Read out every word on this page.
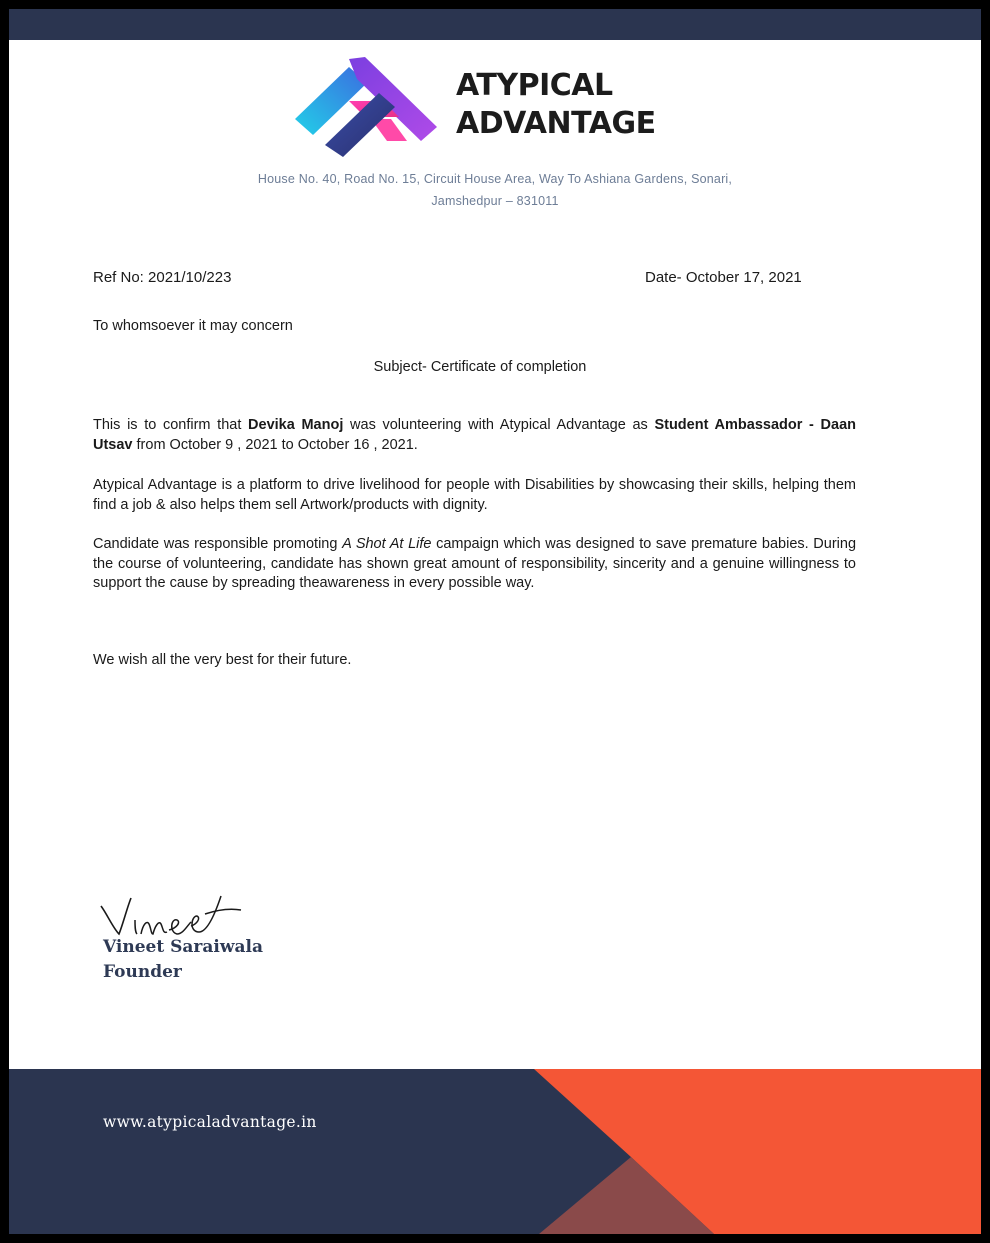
ATYPICAL
ADVANTAGE
House No. 40, Road No. 15, Circuit House Area, Way To Ashiana Gardens, Sonari,
Jamshedpur – 831011
Ref No: 2021/10/223	Date- October 17, 2021
To whomsoever it may concern
Subject- Certificate of completion

This is to confirm that Devika Manoj was volunteering with Atypical Advantage as Student Ambassador - Daan Utsav from October 9 , 2021 to October 16 , 2021.

Atypical Advantage is a platform to drive livelihood for people with Disabilities by showcasing their skills, helping them find a job & also helps them sell Artwork/products with dignity.

Candidate was responsible promoting A Shot At Life campaign which was designed to save premature babies. During the course of volunteering, candidate has shown great amount of responsibility, sincerity and a genuine willingness to support the cause by spreading theawareness in every possible way.

We wish all the very best for their future.
Vineet Saraiwala
Founder
www.atypicaladvantage.in
